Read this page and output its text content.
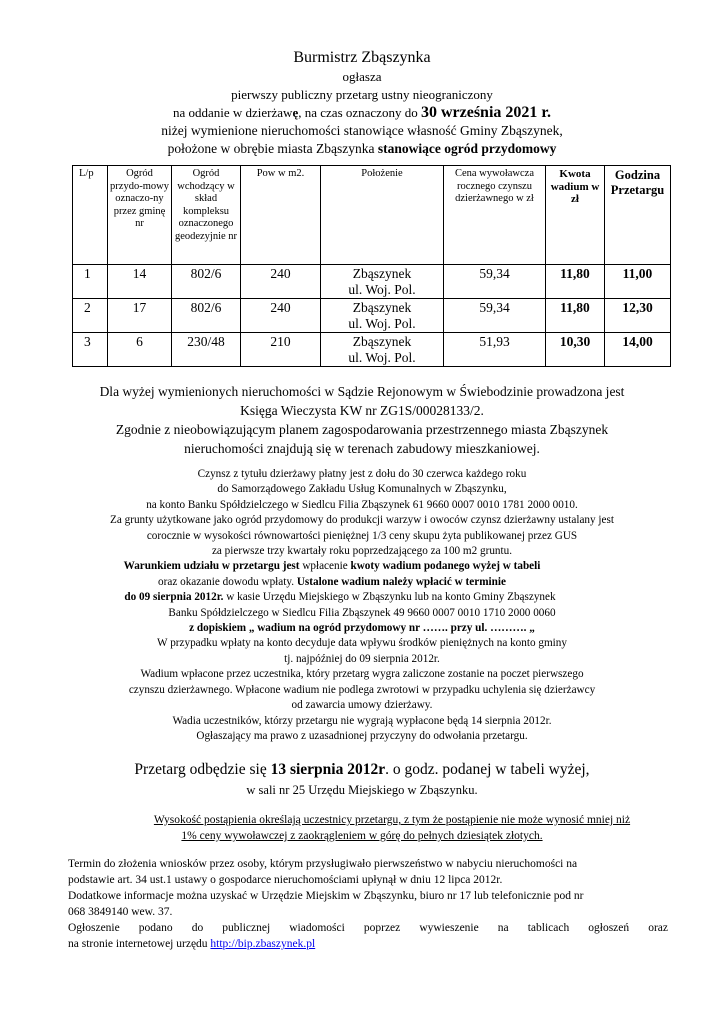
Burmistrz Zbąszynka
ogłasza
pierwszy publiczny przetarg ustny nieograniczony
na oddanie w dzierżawę, na czas oznaczony do 30 września 2021 r.
niżej wymienione nieruchomości stanowiące własność Gminy Zbąszynek,
położone w obrębie miasta Zbąszynka stanowiące ogród przydomowy
L/p	Ogród przydo-mowy oznaczo-ny przez gminę nr	Ogród wchodzący w skład kompleksu oznaczonego geodezyjnie nr	Pow w m2.	Położenie	Cena wywoławcza rocznego czynszu dzierżawnego w zł	Kwota wadium w zł	Godzina Przetargu
1	14	802/6	240	Zbąszynek
ul. Woj. Pol.	59,34	11,80	11,00
2	17	802/6	240	Zbąszynek
ul. Woj. Pol.	59,34	11,80	12,30
3	6	230/48	210	Zbąszynek
ul. Woj. Pol.	51,93	10,30	14,00
Dla wyżej wymienionych nieruchomości w Sądzie Rejonowym w Świebodzinie prowadzona jest
Księga Wieczysta KW nr ZG1S/00028133/2.
Zgodnie z nieobowiązującym planem zagospodarowania przestrzennego miasta Zbąszynek
nieruchomości znajdują się w terenach zabudowy mieszkaniowej.
Czynsz z tytułu dzierżawy płatny jest z dołu do 30 czerwca każdego roku
do Samorządowego Zakładu Usług Komunalnych w Zbąszynku,
na konto Banku Spółdzielczego w Siedlcu Filia Zbąszynek 61 9660 0007 0010 1781 2000 0010.
Za grunty użytkowane jako ogród przydomowy do produkcji warzyw i owoców czynsz dzierżawny ustalany jest
corocznie w wysokości równowartości pieniężnej 1/3 ceny skupu żyta publikowanej przez GUS
za pierwsze trzy kwartały roku poprzedzającego za 100 m2 gruntu.
Warunkiem udziału w przetargu jest wpłacenie kwoty wadium podanego wyżej w tabeli
oraz okazanie dowodu wpłaty. Ustalone wadium należy wpłacić w terminie
do 09 sierpnia 2012r. w kasie Urzędu Miejskiego w Zbąszynku lub na konto Gminy Zbąszynek
Banku Spółdzielczego w Siedlcu Filia Zbąszynek 49 9660 0007 0010 1710 2000 0060
z dopiskiem „ wadium na ogród przydomowy nr ……. przy ul. ………. „
W przypadku wpłaty na konto decyduje data wpływu środków pieniężnych na konto gminy
tj. najpóźniej do 09 sierpnia 2012r.
Wadium wpłacone przez uczestnika, który przetarg wygra zaliczone zostanie na poczet pierwszego
czynszu dzierżawnego. Wpłacone wadium nie podlega zwrotowi w przypadku uchylenia się dzierżawcy
od zawarcia umowy dzierżawy.
Wadia uczestników, którzy przetargu nie wygrają wypłacone będą 14 sierpnia 2012r.
Ogłaszający ma prawo z uzasadnionej przyczyny do odwołania przetargu.
Przetarg odbędzie się 13 sierpnia 2012r. o godz. podanej w tabeli wyżej,
w sali nr 25 Urzędu Miejskiego w Zbąszynku.
Wysokość postąpienia określają uczestnicy przetargu, z tym że postąpienie nie może wynosić mniej niż
1% ceny wywoławczej z zaokrągleniem w górę do pełnych dziesiątek złotych.
Termin do złożenia wniosków przez osoby, którym przysługiwało pierwszeństwo w nabyciu nieruchomości na
podstawie art. 34 ust.1 ustawy o gospodarce nieruchomościami upłynął w dniu 12 lipca 2012r.
Dodatkowe informacje można uzyskać w Urzędzie Miejskim w Zbąszynku, biuro nr 17 lub telefonicznie pod nr
068 3849140 wew. 37.
Ogłoszenie podano do publicznej wiadomości poprzez wywieszenie na tablicach ogłoszeń oraz
na stronie internetowej urzędu http://bip.zbaszynek.pl
